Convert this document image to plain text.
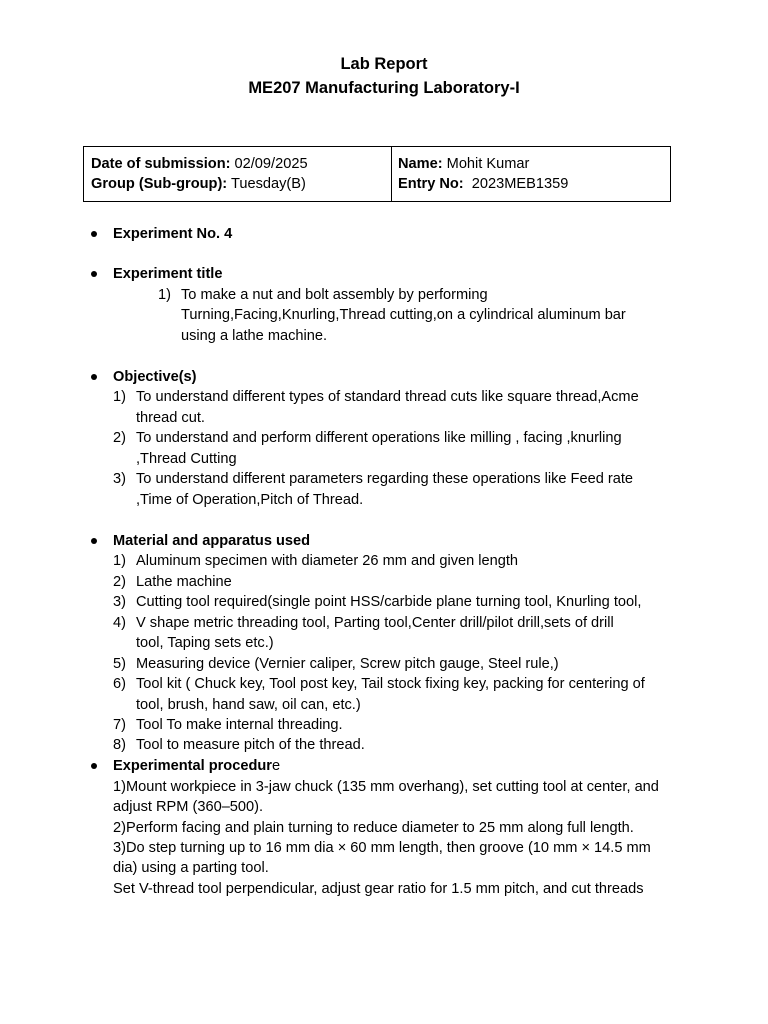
Lab Report
ME207 Manufacturing Laboratory-I
Date of submission: 02/09/2025
Group (Sub-group): Tuesday(B)
Name: Mohit Kumar
Entry No:  2023MEB1359
Experiment No. 4
Experiment title
1) To make a nut and bolt assembly by performing
Turning,Facing,Knurling,Thread cutting,on a cylindrical aluminum bar
using a lathe machine.
Objective(s)
1) To understand different types of standard thread cuts like square thread,Acme
thread cut.
2) To understand and perform different operations like milling , facing ,knurling
,Thread Cutting
3) To understand different parameters regarding these operations like Feed rate
,Time of Operation,Pitch of Thread.
Material and apparatus used
1) Aluminum specimen with diameter 26 mm and given length
2) Lathe machine
3) Cutting tool required(single point HSS/carbide plane turning tool, Knurling tool,
4) V shape metric threading tool, Parting tool,Center drill/pilot drill,sets of drill
tool, Taping sets etc.)
5) Measuring device (Vernier caliper, Screw pitch gauge, Steel rule,)
6) Tool kit ( Chuck key, Tool post key, Tail stock fixing key, packing for centering of
tool, brush, hand saw, oil can, etc.)
7) Tool To make internal threading.
8) Tool to measure pitch of the thread.
Experimental procedure
1)Mount workpiece in 3-jaw chuck (135 mm overhang), set cutting tool at center, and
adjust RPM (360–500).
2)Perform facing and plain turning to reduce diameter to 25 mm along full length.
3)Do step turning up to 16 mm dia × 60 mm length, then groove (10 mm × 14.5 mm
dia) using a parting tool.
Set V-thread tool perpendicular, adjust gear ratio for 1.5 mm pitch, and cut threads
